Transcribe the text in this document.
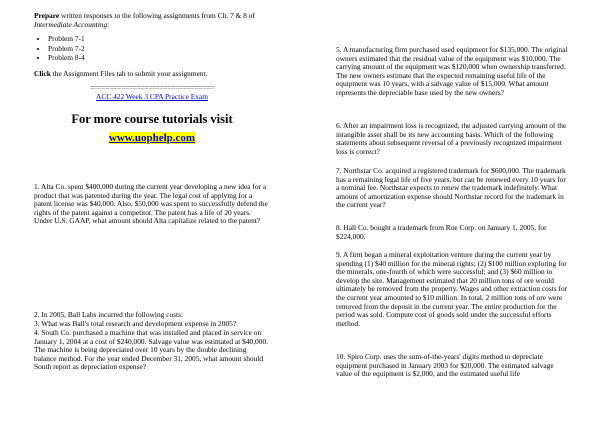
Prepare written responses to the following assignments from Ch. 7 & 8 of Intermediate Accounting:

• Problem 7-1
• Problem 7-2
• Problem 8-4

Click the Assignment Files tab to submit your assignment.

================================

ACC 422 Week 3 CPA Practice Exam

For more course tutorials visit

www.uophelp.com

1. Alta Co. spent $400,000 during the current year developing a new idea for a product that was patented during the year. The legal cost of applying for a patent license was $40,000. Also, $50,000 was spent to successfully defend the rights of the patent against a competitor. The patent has a life of 20 years. Under U.S. GAAP, what amount should Alta capitalize related to the patent?

2. In 2005, Ball Labs incurred the following costs:

3. What was Ball's total research and development expense in 2005?

4. South Co. purchased a machine that was installed and placed in service on January 1, 2004 at a cost of $240,000. Salvage value was estimated at $40,000. The machine is being depreciated over 10 years by the double declining balance method. For the year ended December 31, 2005, what amount should South report as depreciation expense?

5. A manufacturing firm purchased used equipment for $135,000. The original owners estimated that the residual value of the equipment was $10,000. The carrying amount of the equipment was $120,000 when ownership transferred. The new owners estimate that the expected remaining useful life of the equipment was 10 years, with a salvage value of $15,000. What amount represents the depreciable base used by the new owners?

6. After an impairment loss is recognized, the adjusted carrying amount of the intangible asset shall be its new accounting basis. Which of the following statements about subsequent reversal of a previously recognized impairment loss is correct?

7. Northstar Co. acquired a registered trademark for $600,000. The trademark has a remaining legal life of five years, but can be renewed every 10 years for a nominal fee. Northstar expects to renew the trademark indefinitely. What amount of amortization expense should Northstar record for the trademark in the current year?

8. Hall Co. bought a trademark from Roe Corp. on January 1, 2005, for $224,000.

9. A firm began a mineral exploitation venture during the current year by spending (1) $40 million for the mineral rights; (2) $100 million exploring for the minerals, one-fourth of which were successful; and (3) $60 million to develop the site. Management estimated that 20 million tons of ore would ultimately be removed from the property. Wages and other extraction costs for the current year amounted to $10 million. In total, 2 million tons of ore were removed from the deposit in the current year. The entire production for the period was sold. Compute cost of goods sold under the successful efforts method.

10. Spiro Corp. uses the sum-of-the-years' digits method to depreciate equipment purchased in January 2003 for $20,000. The estimated salvage value of the equipment is $2,000, and the estimated useful life
